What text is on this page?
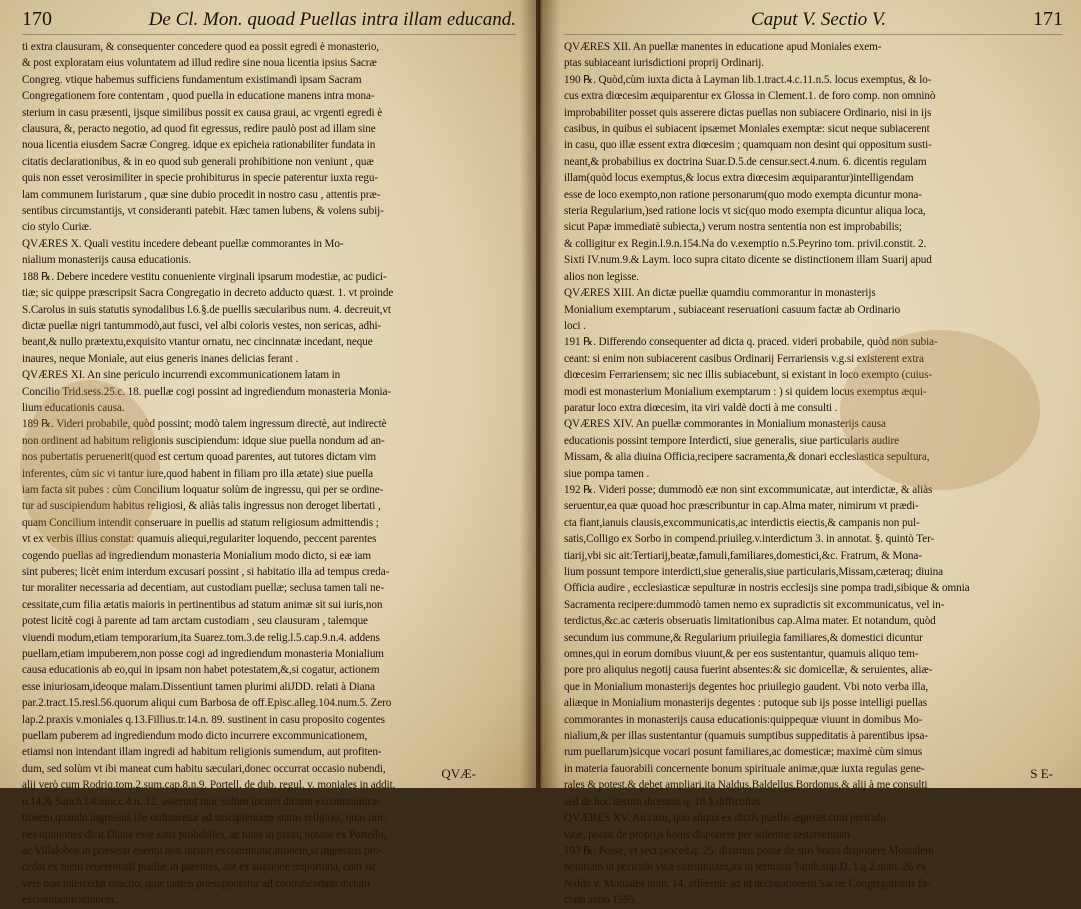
170	De Cl. Mon. quoad Puellas intra illam educand.
ti extra clausuram, & consequenter concedere quod ea possit egredi è monasterio,
& post exploratam eius voluntatem ad illud redire sine noua licentia ipsius Sacræ
Congreg. vtique habemus sufficiens fundamentum existimandi ipsam Sacram
Congregationem fore contentam , quod puella in educatione manens intra mona-
sterium in casu præsenti, ijsque similibus possit ex causa graui, ac vrgenti egredi è
clausura, &, peracto negotio, ad quod fit egressus, redire paulò post ad illam sine
noua licentia eiusdem Sacræ Congreg. idque ex epicheia rationabiliter fundata in
citatis declarationibus, & in eo quod sub generali prohibitione non veniunt , quæ
quis non esset verosimiliter in specie prohibiturus in specie paterentur iuxta regu-
lam communem Iuristarum , quæ sine dubio procedit in nostro casu , attentis præ-
sentibus circumstantijs, vt consideranti patebit. Hæc tamen lubens, & volens subij-
cio stylo Curiæ.
QVÆRES X. Quali vestitu incedere debeant puellæ commorantes in Mo-
nialium monasterijs causa educationis.
188 ℞. Debere incedere vestitu conueniente virginali ipsarum modestiæ, ac pudici-
tiæ; sic quippe præscripsit Sacra Congregatio in decreto adducto quæst. 1. vt proinde
S.Carolus in suis statutis synodalibus l.6.§.de puellis sæcularibus num. 4. decreuit,vt
dictæ puellæ nigri tantummodò,aut fusci, vel albi coloris vestes, non sericas, adhi-
beant,& nullo prætextu,exquisito vtantur ornatu, nec cincinnatæ incedant, neque
inaures, neque Moniale, aut eius generis inanes delicias ferant .
QVÆRES XI. An sine periculo incurrendi excommunicationem latam in
Concilio Trid.sess.25.c. 18. puellæ cogi possint ad ingrediendum monasteria Monia-
lium educationis causa.
189 ℞. Videri probabile, quòd possint; modò talem ingressum directè, aut indirectè
non ordinent ad habitum religionis suscipiendum: idque siue puella nondum ad an-
nos pubertatis peruenerit(quod est certum quoad parentes, aut tutores dictam vim
inferentes, cùm sic vi tantur iure,quod habent in filiam pro illa ætate) siue puella
iam facta sit pubes : cùm Concilium loquatur solùm de ingressu, qui per se ordine-
tur ad suscipiendum habitus religiosi, & aliàs talis ingressus non deroget libertati ,
quam Concilium intendit conseruare in puellis ad statum religiosum admittendis ;
vt ex verbis illius constat: quamuis aliequi,regulariter loquendo, peccent parentes
cogendo puellas ad ingrediendum monasteria Monialium modo dicto, si eæ iam
sint puberes; licèt enim interdum excusari possint , si habitatio illa ad tempus creda-
tur moraliter necessaria ad decentiam, aut custodiam puellæ; seclusa tamen tali ne-
cessitate,cum filia ætatis maioris in pertinentibus ad statum animæ sit sui iuris,non
potest licitè cogi à parente ad tam arctam custodiam , seu clausuram , talemque
viuendi modum,etiam temporarium,ita Suarez.tom.3.de relig.l.5.cap.9.n.4. addens
puellam,etiam impuberem,non posse cogi ad ingrediendum monasteria Monialium
causa educationis ab eo,qui in ipsam non habet potestatem,&,si cogatur, actionem
esse iniuriosam,ideoque malam.Dissentiunt tamen plurimi aliJDD. relati à Diana
par.2.tract.15.resl.56.quorum aliqui cum Barbosa de off.Episc.alleg.104.num.5. Zero
lap.2.praxis v.moniales q.13.Fillius.tr.14.n. 89. sustinent in casu proposito cogentes
puellam puberem ad ingrediendum modo dicto incurrere excommunicationem,
etiamsi non intendant illam ingredi ad habitum religionis sumendum, aut profiten-
dum, sed solùm vt ibi maneat cum habitu sæculari,donec occurrat occasio nubendi,
alij verò cum Rodriq.tom.2.sum.cap.8.n.9. Portell. de dub. regul. v. moniales in addit.
n.14.& Sanch.l.4.mor.c.4.n. 12. asserunt tunc solùm incurri dictam excommunica-
tionem,quando ingressus ille ordinaretur ad suscipienoem status religiosi, quas om-
nes opiniones dicit Diana esse satis probabiles, ac tutas in praxi; notans ex Portello,
ac Villalobos in præsenti euentu non incurri excommunicationem,si ingressus pro-
cedat ex metu reuerentiali puellæ in parentes, aut ex suasione importuna, cùm sic
verè non intercedat coactio, quæ tamen præsupponitur ad contrahendam dictam
excommunicationem.
QVÆ-
Caput V. Sectio V.	171
QVÆRES XII. An puellæ manentes in educatione apud Moniales exem-
ptas subiaceant iurisdictioni proprij Ordinarij.
190 ℞. Quòd,cùm iuxta dicta à Layman lib.1.tract.4.c.11.n.5. locus exemptus, & lo-
cus extra diœcesim æquiparentur ex Glossa in Clement.1. de foro comp. non omninò
improbabiliter posset quis asserere dictas puellas non subiacere Ordinario, nisi in ijs
casibus, in quibus ei subiacent ipsæmet Moniales exemptæ: sicut neque subiacerent
in casu, quo illæ essent extra diœcesim ; quamquam non desint qui oppositum susti-
neant,& probabilius ex doctrina Suar.D.5.de censur.sect.4.num. 6. dicentis regulam
illam(quòd locus exemptus,& locus extra diœcesim æquiparantur)intelligendam
esse de loco exempto,non ratione personarum(quo modo exempta dicuntur mona-
steria Regularium,)sed ratione locis vt sic(quo modo exempta dicuntur aliqua loca,
sicut Papæ immediatè subiecta,) verum nostra sententia non est improbabilis;
& colligitur ex Regin.l.9.n.154.Na do v.exemptio n.5.Peyrino tom. privil.constit. 2.
Sixti IV.num.9.& Laym. loco supra citato dicente se distinctionem illam Suarij apud
alios non legisse.
QVÆRES XIII. An dictæ puellæ quamdiu commorantur in monasterijs
Monialium exemptarum , subiaceant reseruationi casuum factæ ab Ordinario
loci .
191 ℞. Differendo consequenter ad dicta q. praced. videri probabile, quòd non subia-
ceant: si enim non subiacerent casibus Ordinarij Ferrariensis v.g.si existerent extra
diœcesim Ferrariensem; sic nec illis subiacebunt, si existant in loco exempto (cuius-
modi est monasterium Monialium exemptarum : ) si quidem locus exemptus æqui-
paratur loco extra diœcesim, ita viri valdè docti à me consulti .
QVÆRES XIV. An puellæ commorantes in Monialium monasterijs causa
educationis possint tempore Interdicti, siue generalis, siue particularis audire
Missam, & alia diuina Officia,recipere sacramenta,& donari ecclesiastica sepultura,
siue pompa tamen .
192 ℞. Videri posse; dummodò eæ non sint excommunicatæ, aut interdictæ, & aliàs
seruentur,ea quæ quoad hoc præscribuntur in cap.Alma mater, nimirum vt prædi-
cta fiant,ianuis clausis,excommunicatis,ac interdictis eiectis,& campanis non pul-
satis,Colligo ex Sorbo in compend.priuileg.v.interdictum 3. in annotat. §. quintò Ter-
tiarij,vbi sic ait:Tertiarij,beatæ,famuli,familiares,domestici,&c. Fratrum, & Mona-
lium possunt tempore interdicti,siue generalis,siue particularis,Missam,cæteraq; diuina
Officia audire , ecclesiasticæ sepulturæ in nostris ecclesijs sine pompa tradi,sibique & omnia
Sacramenta recipere:dummodò tamen nemo ex supradictis sit excommunicatus, vel in-
terdictus,&c.ac cæteris obseruatis limitationibus cap.Alma mater. Et notandum, quòd
secundum ius commune,& Regularium priuilegia familiares,& domestici dicuntur
omnes,qui in eorum domibus viuunt,& per eos sustentantur, quamuis aliquo tem-
pore pro aliquius negotij causa fuerint absentes:& sic domicellæ, & seruientes, aliæ-
que in Monialium monasterijs degentes hoc priuilegio gaudent. Vbi noto verba illa,
aliæque in Monialium monasterijs degentes : putoque sub ijs posse intelligi puellas
commorantes in monasterijs causa educationis:quippequæ viuunt in domibus Mo-
nialium,& per illas sustentantur (quamuis sumptibus suppeditatis à parentibus ipsa-
rum puellarum)sicque vocari posunt familiares,ac domesticæ; maximè cùm simus
in materia fauorabili concernente bonum spirituale animæ,quæ iuxta regulas gene-
rales & potest,& debet ampliari,ita Naldus,Baldellus,Bordonus,& alij à me consulti
sed de hoc iterum dicemus q. 18.§.difficultas.
QVÆRES XV. An casu, quo aliqua ex dictis puellis ægrotet cum periculo
vitæ, possit de proprijs bonis disponere per solemne testamentum .
193 ℞. Posse, vt sect.praced.q. 25. diximus posse de suis bonis disponere Monialem
nouitiam in periculo vitæ constitutam,ita in terminis Tamb.sup.D. 1.q.2.num. 26.ex
Naldo v. Moniales num. 14. afferente ad id declarationem Sacræ Congregationis fa-
ctam anno 1595.
S E-
